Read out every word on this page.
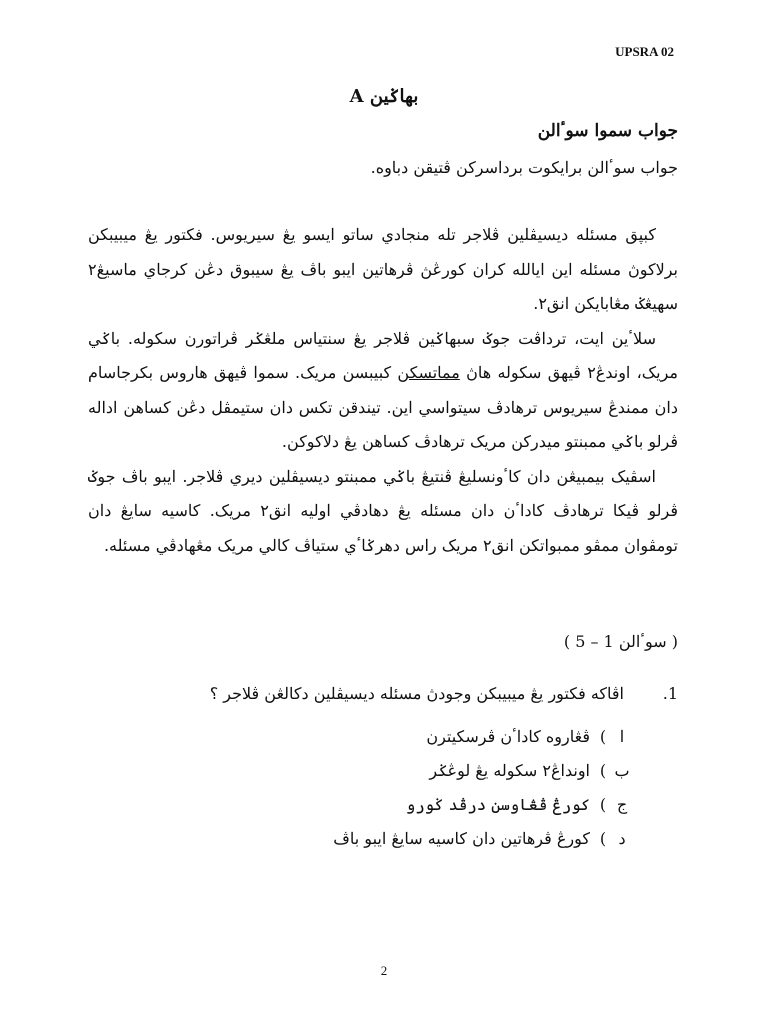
UPSRA 02
بهاݢين A
جواب سموا سوٴالن
جواب سوٴالن برايکوت برداسرکن ڤتيقن دباوه.

کبڽق مسئله ديسيڤلين ڤلاجر تله منجادي ساتو ايسو يڠ سيريوس. فکتور يڠ ميبيبکن برلاکوڽ مسئله اين ايالله کران کورڠڽ ڤرهاتين ايبو باڤ يڠ سيبوق دڠن کرجاي ماسيڠ٢ سهيڠݢ مڠابايکن انق٢.

سلاٴين ايت، ترداڤت جوݢ سبهاݢين ڤلاجر يڠ سنتياس ملڠݢر ڤراتورن سکوله. باݢي مريک، اوندڠ٢ ڤيهق سکوله هاڽ مماتسکن کبيبسن مريک. سموا ڤيهق هاروس بکرجاسام دان ممندڠ سيريوس ترهادڤ سيتواسي اين. تيندقن تکس دان ستيمڤل دڠن کساهن اداله ڤرلو باݢي ممبنتو ميدرکن مريک ترهادڤ کساهن يڠ دلاکوکن.

اسڤيک بيمبيڠن دان کاٴونسليڠ ڤنتيڠ باݢي ممبنتو ديسيڤلين ديري ڤلاجر. ايبو باڤ جوݢ ڤرلو ڤيکا ترهادڤ کاداٴن دان مسئله يڠ دهادڤي اوليه انق٢ مريک. کاسيه سايڠ دان تومڤوان ممڤو ممبواتکن انق٢ مريک راس دهرݢاٴي ستياڤ کالي مريک مڠهادڤي مسئله.

( سوٴالن 1 – 5 )
1.
اڤاکه فکتور يڠ ميبيبکن وجودڽ مسئله ديسيڤلين دکالڠن ڤلاجر ؟
ا
)
ڤڠاروه کاداٴن ڤرسکيترن
ب
)
اونداڠ٢ سکوله يڠ لوڠݢر
ج
)
کورڠ ڤڠاوسن درڤد ݢورو
د
)
کورڠ ڤرهاتين دان کاسيه سايڠ ايبو باڤ
2
